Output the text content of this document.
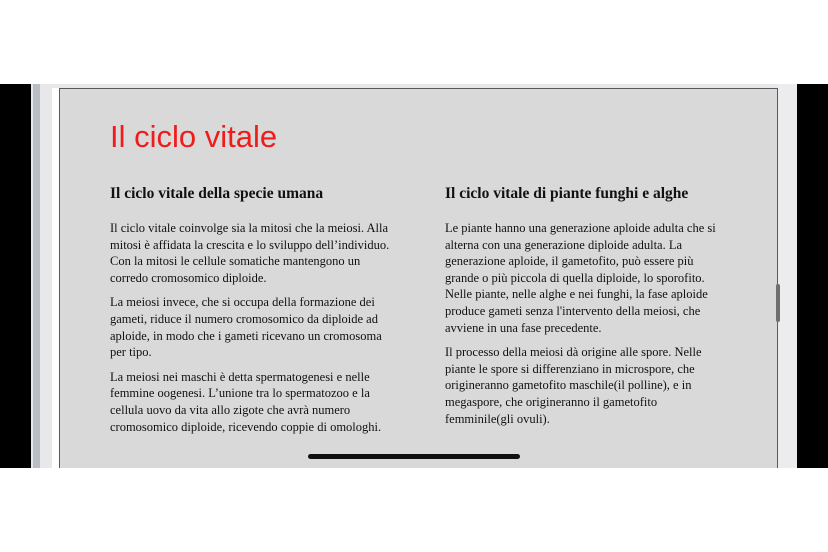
Il ciclo vitale
Il ciclo vitale della specie umana

Il ciclo vitale coinvolge sia la mitosi che la meiosi. Alla mitosi è affidata la crescita e lo sviluppo dell’individuo. Con la mitosi le cellule somatiche mantengono un corredo cromosomico diploide.

La meiosi invece, che si occupa della formazione dei gameti, riduce il numero cromosomico da diploide ad aploide, in modo che i gameti ricevano un cromosoma per tipo.

La meiosi nei maschi è detta spermatogenesi e nelle femmine oogenesi. L’unione tra lo spermatozoo e la cellula uovo da vita allo zigote che avrà numero cromosomico diploide, ricevendo coppie di omologhi.

Il ciclo vitale di piante funghi e alghe

Le piante hanno una generazione aploide adulta che si alterna con una generazione diploide adulta. La generazione aploide, il gametofito, può essere più grande o più piccola di quella diploide, lo sporofito. Nelle piante, nelle alghe e nei funghi, la fase aploide produce gameti senza l'intervento della meiosi, che avviene in una fase precedente.

Il processo della meiosi dà origine alle spore. Nelle piante le spore si differenziano in microspore, che origineranno gametofito maschile(il polline), e in megaspore, che origineranno il gametofito femminile(gli ovuli).
